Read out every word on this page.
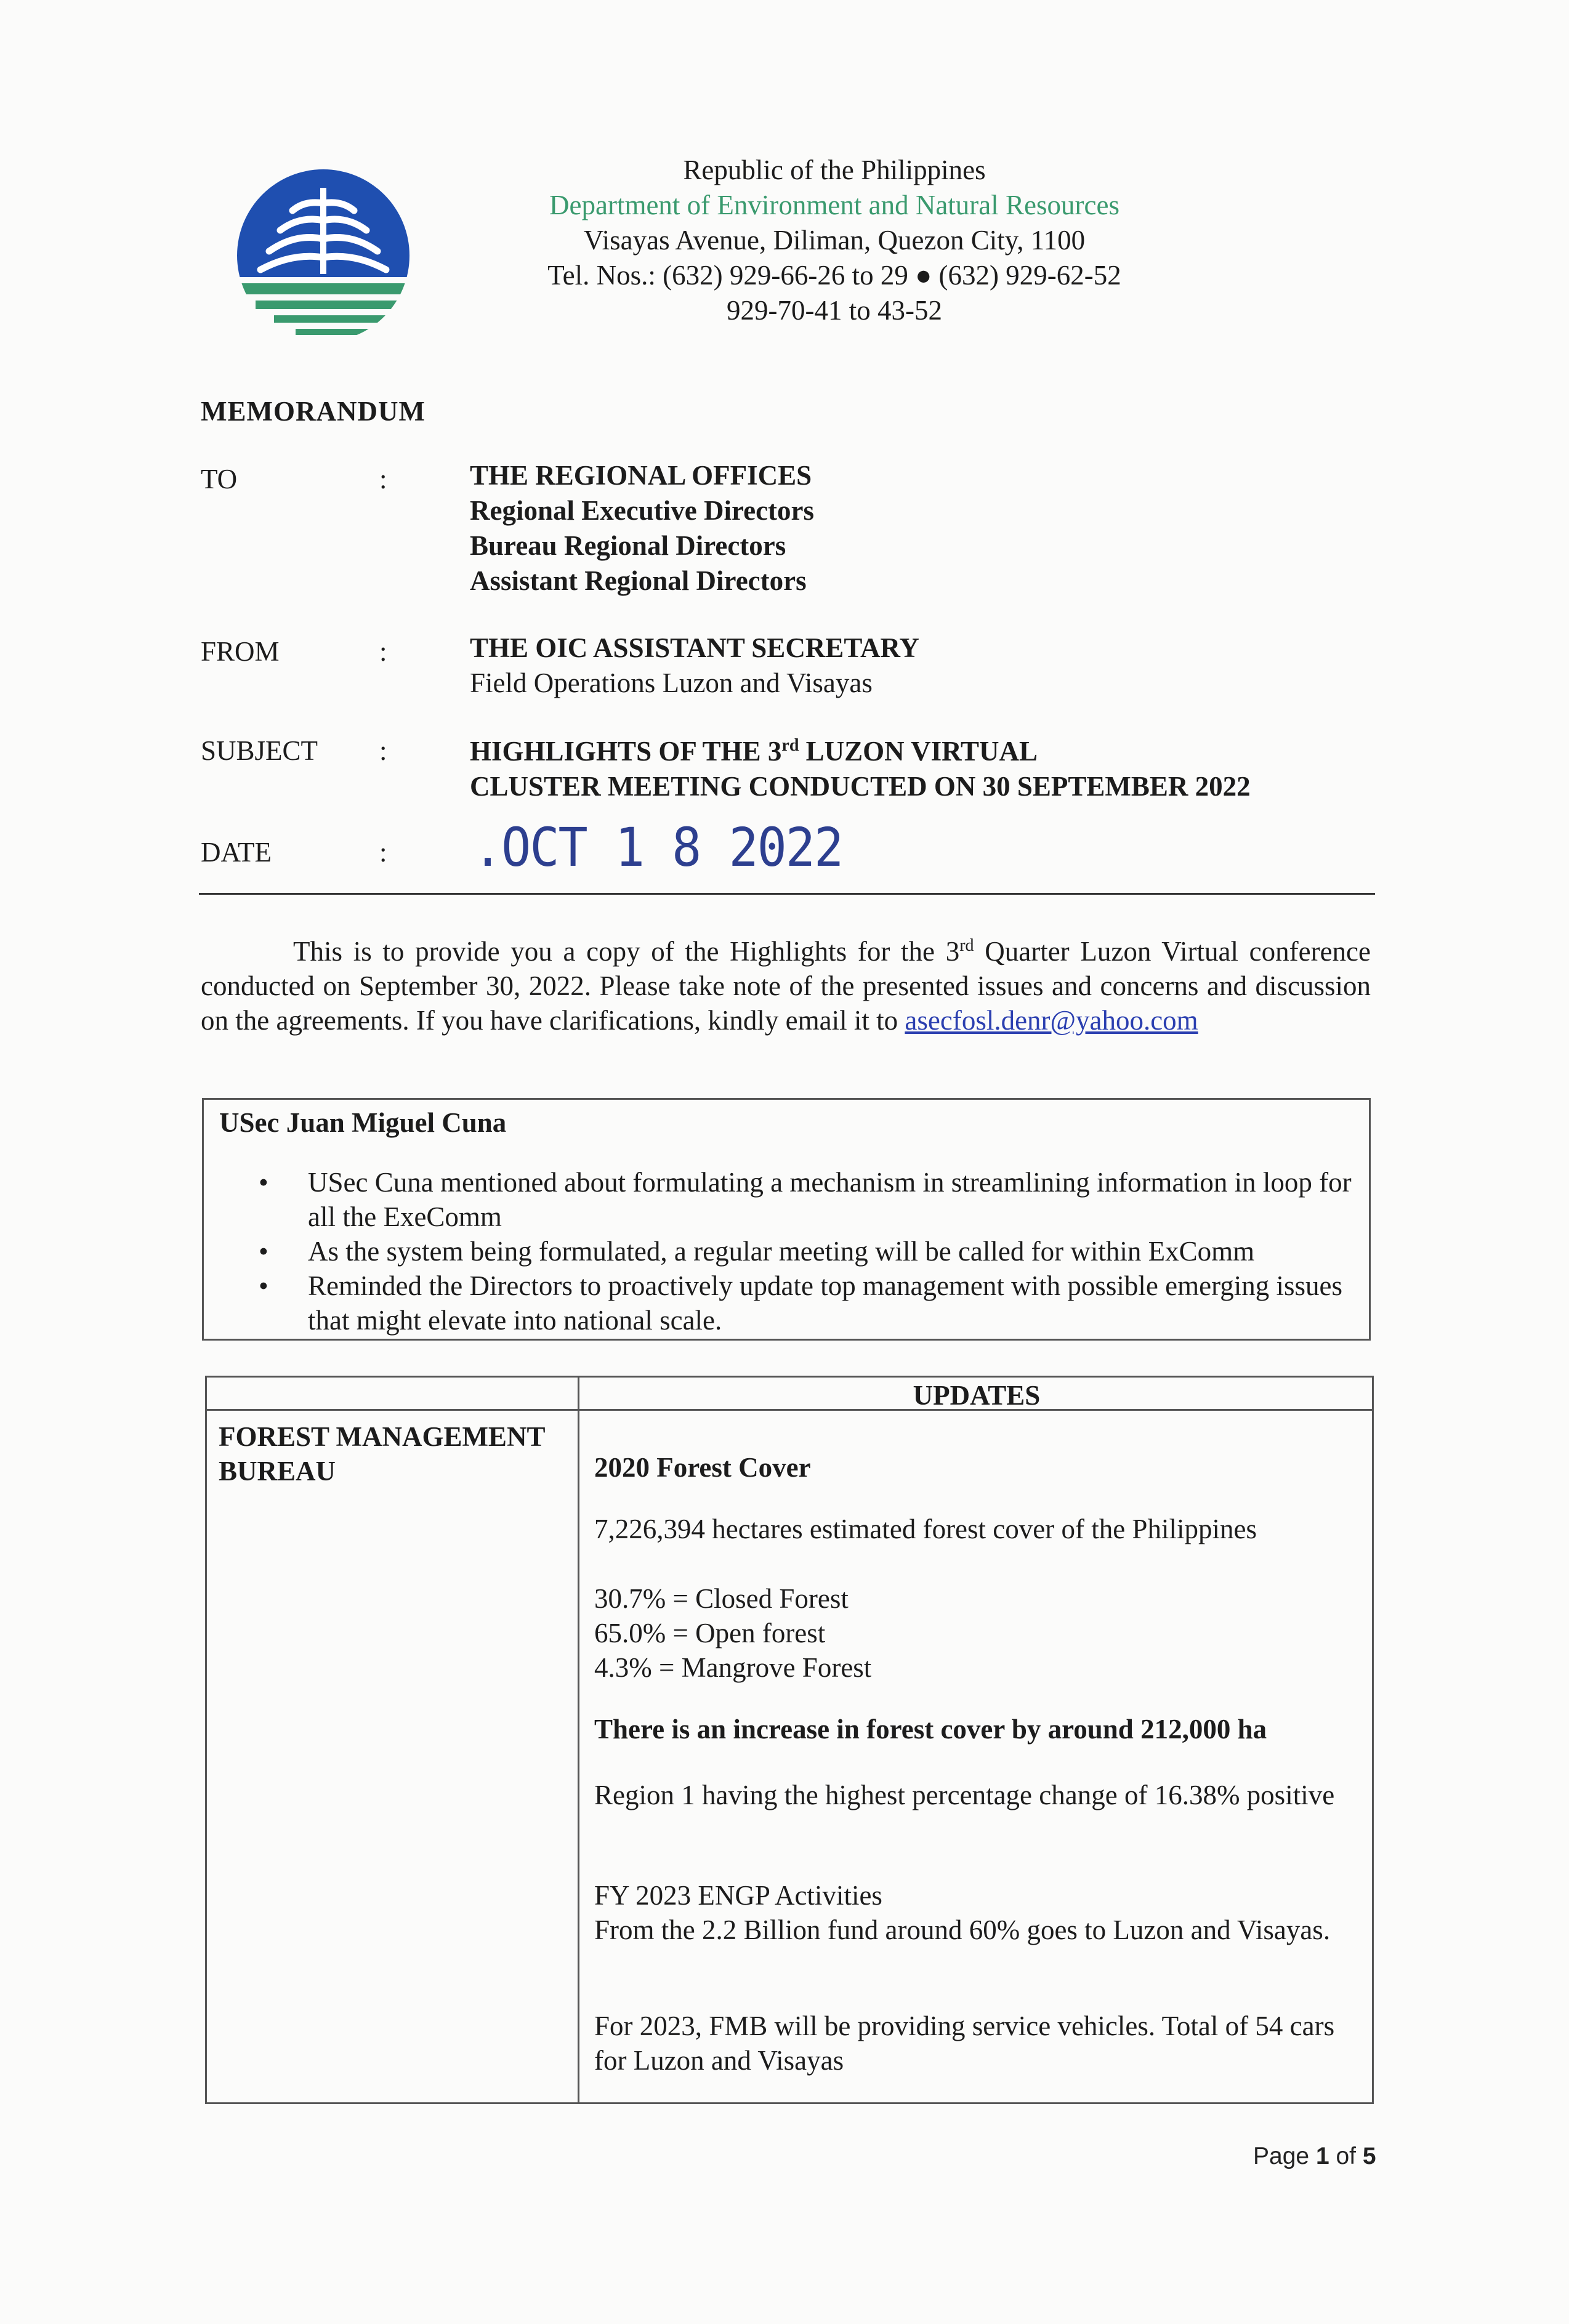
Republic of the Philippines
Department of Environment and Natural Resources
Visayas Avenue, Diliman, Quezon City, 1100
Tel. Nos.: (632) 929-66-26 to 29 ● (632) 929-62-52
929-70-41 to 43-52
MEMORANDUM
TO	:	THE REGIONAL OFFICES
Regional Executive Directors
Bureau Regional Directors
Assistant Regional Directors
FROM	:	THE OIC ASSISTANT SECRETARY
Field Operations Luzon and Visayas
SUBJECT :	HIGHLIGHTS OF THE 3rd LUZON VIRTUAL
CLUSTER MEETING CONDUCTED ON 30 SEPTEMBER 2022
DATE	: .OCT 1 8 2022
This is to provide you a copy of the Highlights for the 3rd Quarter Luzon Virtual conference conducted on September 30, 2022. Please take note of the presented issues and concerns and discussion on the agreements. If you have clarifications, kindly email it to asecfosl.denr@yahoo.com
USec Juan Miguel Cuna
• USec Cuna mentioned about formulating a mechanism in streamlining information in loop for all the ExeComm
• As the system being formulated, a regular meeting will be called for within ExComm
• Reminded the Directors to proactively update top management with possible emerging issues that might elevate into national scale.
UPDATES
FOREST MANAGEMENT BUREAU	2020 Forest Cover
7,226,394 hectares estimated forest cover of the Philippines
30.7% = Closed Forest
65.0% = Open forest
4.3% = Mangrove Forest
There is an increase in forest cover by around 212,000 ha
Region 1 having the highest percentage change of 16.38% positive
FY 2023 ENGP Activities
From the 2.2 Billion fund around 60% goes to Luzon and Visayas.
For 2023, FMB will be providing service vehicles. Total of 54 cars for Luzon and Visayas
Page 1 of 5
